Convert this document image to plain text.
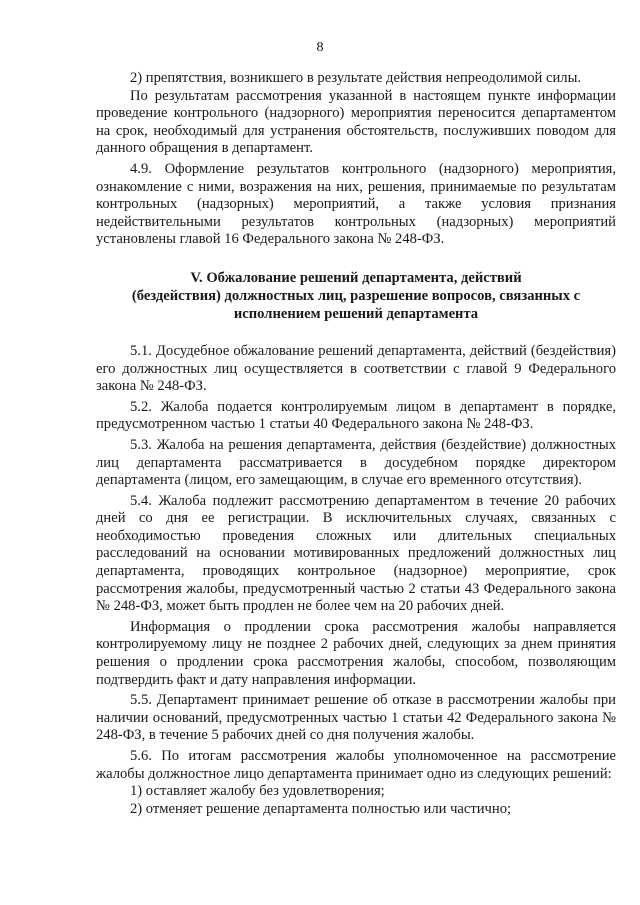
8

2) препятствия, возникшего в результате действия непреодолимой силы.

По результатам рассмотрения указанной в настоящем пункте информации проведение контрольного (надзорного) мероприятия переносится департаментом на срок, необходимый для устранения обстоятельств, послуживших поводом для данного обращения в департамент.

4.9. Оформление результатов контрольного (надзорного) мероприятия, ознакомление с ними, возражения на них, решения, принимаемые по результатам контрольных (надзорных) мероприятий, а также условия признания недействительными результатов контрольных (надзорных) мероприятий установлены главой 16 Федерального закона № 248-ФЗ.

V. Обжалование решений департамента, действий
(бездействия) должностных лиц, разрешение вопросов, связанных с
исполнением решений департамента

5.1. Досудебное обжалование решений департамента, действий (бездействия) его должностных лиц осуществляется в соответствии с главой 9 Федерального закона № 248-ФЗ.

5.2. Жалоба подается контролируемым лицом в департамент в порядке, предусмотренном частью 1 статьи 40 Федерального закона № 248-ФЗ.

5.3. Жалоба на решения департамента, действия (бездействие) должностных лиц департамента рассматривается в досудебном порядке директором департамента (лицом, его замещающим, в случае его временного отсутствия).

5.4. Жалоба подлежит рассмотрению департаментом в течение 20 рабочих дней со дня ее регистрации. В исключительных случаях, связанных с необходимостью проведения сложных или длительных специальных расследований на основании мотивированных предложений должностных лиц департамента, проводящих контрольное (надзорное) мероприятие, срок рассмотрения жалобы, предусмотренный частью 2 статьи 43 Федерального закона № 248-ФЗ, может быть продлен не более чем на 20 рабочих дней.

Информация о продлении срока рассмотрения жалобы направляется контролируемому лицу не позднее 2 рабочих дней, следующих за днем принятия решения о продлении срока рассмотрения жалобы, способом, позволяющим подтвердить факт и дату направления информации.

5.5. Департамент принимает решение об отказе в рассмотрении жалобы при наличии оснований, предусмотренных частью 1 статьи 42 Федерального закона № 248-ФЗ, в течение 5 рабочих дней со дня получения жалобы.

5.6. По итогам рассмотрения жалобы уполномоченное на рассмотрение жалобы должностное лицо департамента принимает одно из следующих решений:

1) оставляет жалобу без удовлетворения;

2) отменяет решение департамента полностью или частично;
